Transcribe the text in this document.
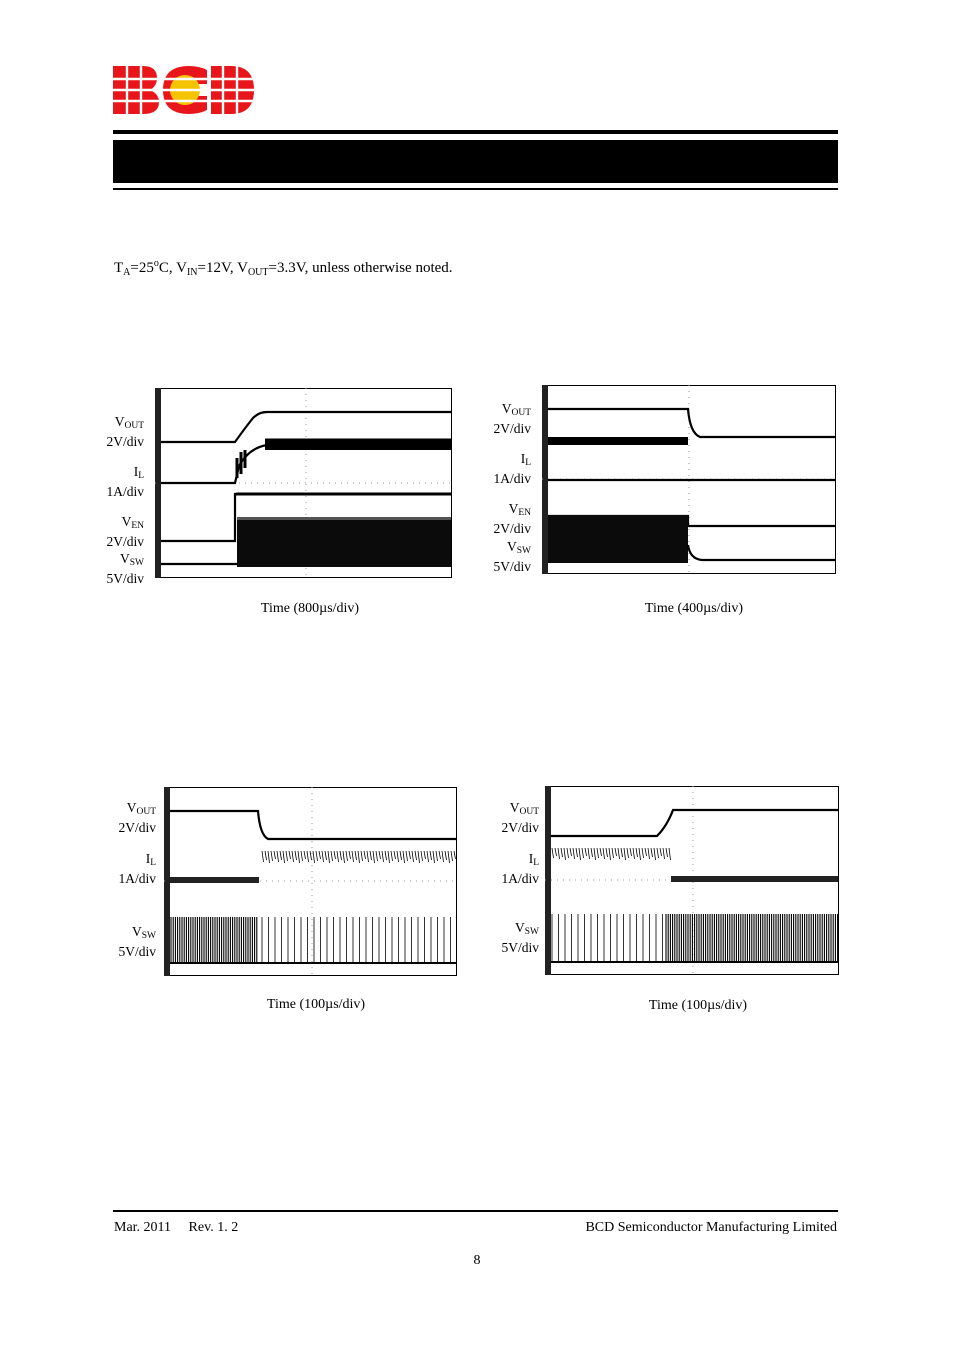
$T_A=25^oC$, $V_{IN}=12V$, $V_{OUT}=3.3V$, unless otherwise noted.
$V_{OUT}$
2V/div
$I_L$
1A/div
$V_{EN}$
2V/div
$V_{SW}$
5V/div
Time (800µs/div)
$V_{OUT}$
2V/div
$I_L$
1A/div
$V_{EN}$
2V/div
$V_{SW}$
5V/div
Time (400µs/div)
$V_{OUT}$
2V/div
$I_L$
1A/div
$V_{SW}$
5V/div
Time (100µs/div)
$V_{OUT}$
2V/div
$I_L$
1A/div
$V_{SW}$
5V/div
Time (100µs/div)
Mar. 2011 Rev. 1. 2	BCD Semiconductor Manufacturing Limited
8
